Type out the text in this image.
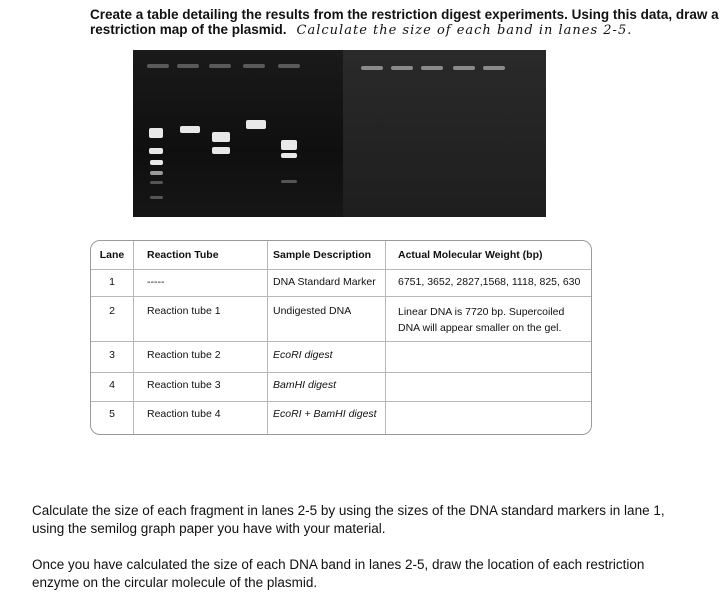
Create a table detailing the results from the restriction digest experiments. Using this data, draw a
restriction map of the plasmid. Calculate the size of each band in lanes 2-5.
Lane	Reaction Tube	Sample Description	Actual Molecular Weight (bp)
1	-----	DNA Standard Marker 6751, 3652, 2827,1568, 1118, 825, 630
2	Reaction tube 1	Undigested DNA	Linear DNA is 7720 bp. Supercoiled DNA will appear smaller on the gel.
3	Reaction tube 2	EcoRI digest
4	Reaction tube 3	BamHI digest
5	Reaction tube 4	EcoRI + BamHI digest
Calculate the size of each fragment in lanes 2-5 by using the sizes of the DNA standard markers in lane 1, using the semilog graph paper you have with your material.
Once you have calculated the size of each DNA band in lanes 2-5, draw the location of each restriction enzyme on the circular molecule of the plasmid.
